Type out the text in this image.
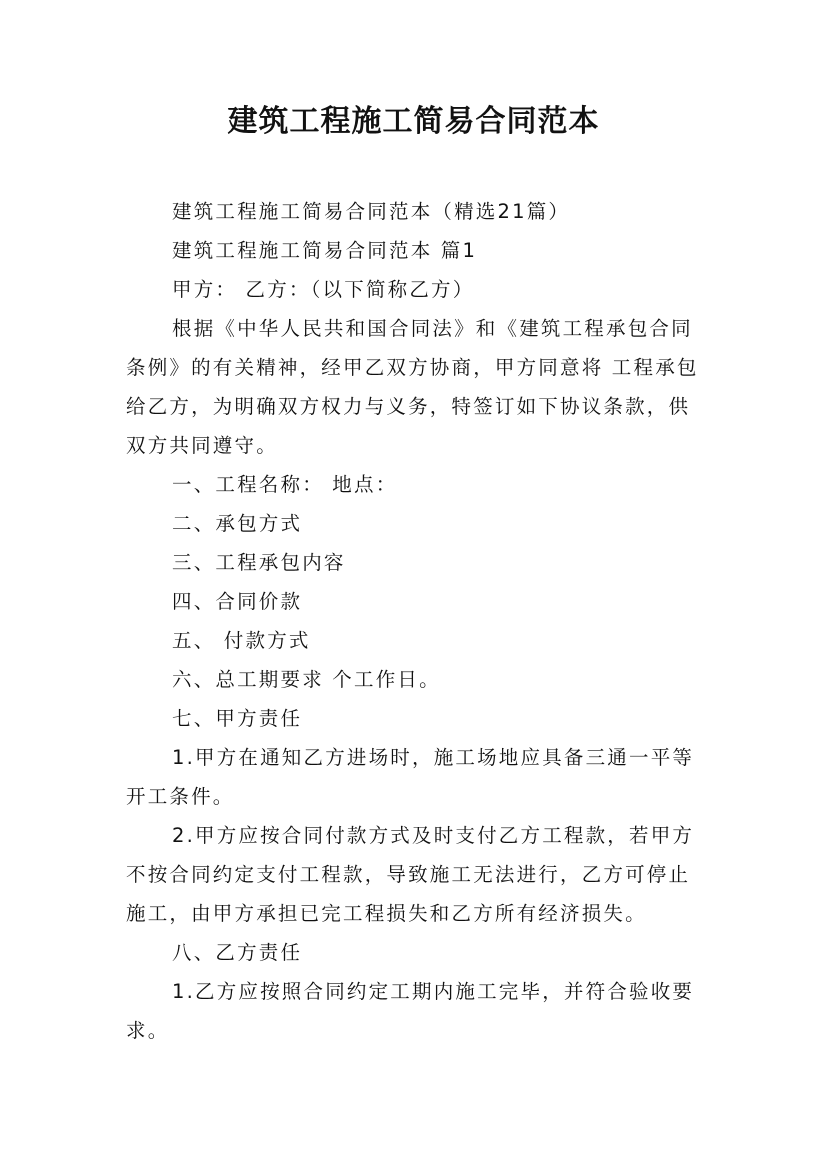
建筑工程施工简易合同范本

建筑工程施工简易合同范本（精选21篇）

建筑工程施工简易合同范本 篇1

甲方： 乙方：（以下简称乙方）

根据《中华人民共和国合同法》和《建筑工程承包合同条例》的有关精神，经甲乙双方协商，甲方同意将 工程承包给乙方，为明确双方权力与义务，特签订如下协议条款，供双方共同遵守。

一、工程名称： 地点：

二、承包方式

三、工程承包内容

四、合同价款

五、 付款方式

六、总工期要求 个工作日。

七、甲方责任

1.甲方在通知乙方进场时，施工场地应具备三通一平等开工条件。

2.甲方应按合同付款方式及时支付乙方工程款，若甲方不按合同约定支付工程款，导致施工无法进行，乙方可停止施工，由甲方承担已完工程损失和乙方所有经济损失。

八、乙方责任

1.乙方应按照合同约定工期内施工完毕，并符合验收要求。
